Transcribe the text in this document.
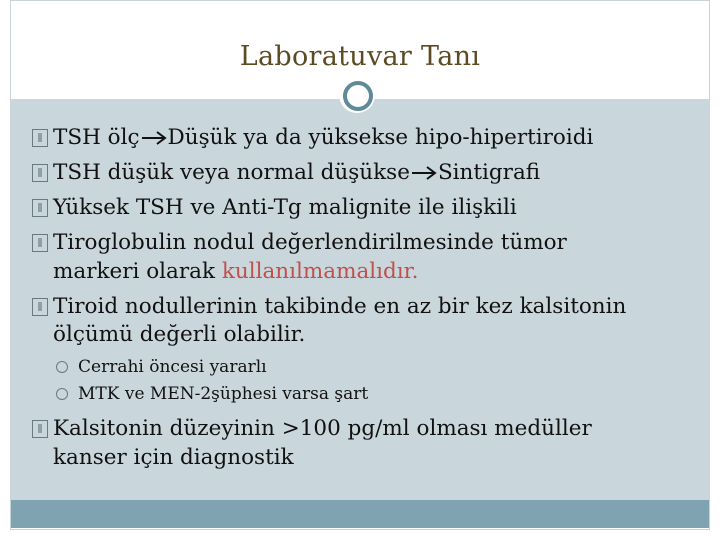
Laboratuvar Tanı
TSH ölç Düşük ya da yüksekse hipo-hipertiroidi
TSH düşük veya normal düşükse Sintigrafi
Yüksek TSH ve Anti-Tg malignite ile ilişkili
Tiroglobulin nodul değerlendirilmesinde tümor
markeri olarak kullanılmamalıdır.
Tiroid nodullerinin takibinde en az bir kez kalsitonin
ölçümü değerli olabilir.
Cerrahi öncesi yararlı
MTK ve MEN-2şüphesi varsa şart
Kalsitonin düzeyinin >100 pg/ml olması medüller
kanser için diagnostik
